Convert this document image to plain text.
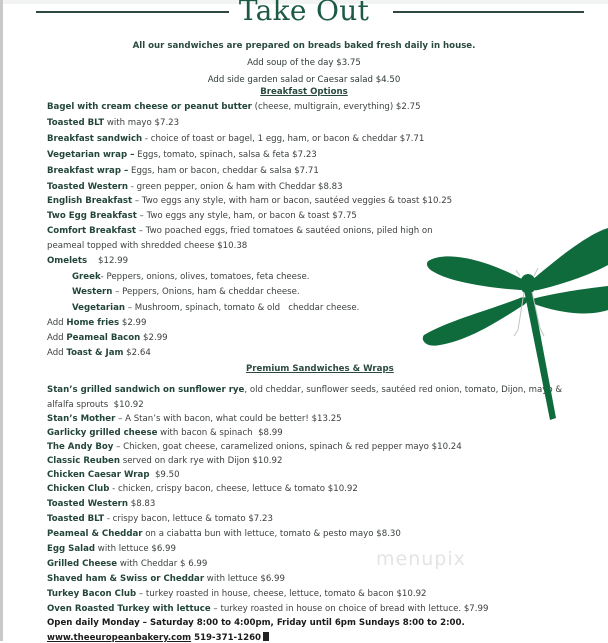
Take Out
All our sandwiches are prepared on breads baked fresh daily in house.
Add soup of the day $3.75
Add side garden salad or Caesar salad $4.50
Breakfast Options
Bagel with cream cheese or peanut butter (cheese, multigrain, everything) $2.75
Toasted BLT with mayo $7.23
Breakfast sandwich - choice of toast or bagel, 1 egg, ham, or bacon & cheddar $7.71
Vegetarian wrap – Eggs, tomato, spinach, salsa & feta $7.23
Breakfast wrap – Eggs, ham or bacon, cheddar & salsa $7.71
Toasted Western - green pepper, onion & ham with Cheddar $8.83
English Breakfast – Two eggs any style, with ham or bacon, sautéed veggies & toast $10.25
Two Egg Breakfast – Two eggs any style, ham, or bacon & toast $7.75
Comfort Breakfast – Two poached eggs, fried tomatoes & sautéed onions, piled high on
peameal topped with shredded cheese $10.38
Omelets    $12.99
Greek- Peppers, onions, olives, tomatoes, feta cheese.
Western – Peppers, Onions, ham & cheddar cheese.
Vegetarian – Mushroom, spinach, tomato & old   cheddar cheese.
Add Home fries $2.99
Add Peameal Bacon $2.99
Add Toast & Jam $2.64
Premium Sandwiches & Wraps
Stan’s grilled sandwich on sunflower rye, old cheddar, sunflower seeds, sautéed red onion, tomato, Dijon, mayo &
alfalfa sprouts  $10.92
Stan’s Mother – A Stan’s with bacon, what could be better! $13.25
Garlicky grilled cheese with bacon & spinach  $8.99
The Andy Boy – Chicken, goat cheese, caramelized onions, spinach & red pepper mayo $10.24
Classic Reuben served on dark rye with Dijon $10.92
Chicken Caesar Wrap  $9.50
Chicken Club - chicken, crispy bacon, cheese, lettuce & tomato $10.92
Toasted Western $8.83
Toasted BLT - crispy bacon, lettuce & tomato $7.23
Peameal & Cheddar on a ciabatta bun with lettuce, tomato & pesto mayo $8.30
Egg Salad with lettuce $6.99
Grilled Cheese with Cheddar $ 6.99
Shaved ham & Swiss or Cheddar with lettuce $6.99
Turkey Bacon Club – turkey roasted in house, cheese, lettuce, tomato & bacon $10.92
Oven Roasted Turkey with lettuce – turkey roasted in house on choice of bread with lettuce. $7.99
Open daily Monday – Saturday 8:00 to 4:00pm, Friday until 6pm Sundays 8:00 to 2:00.
www.theeuropeanbakery.com 519-371-1260
menupix
